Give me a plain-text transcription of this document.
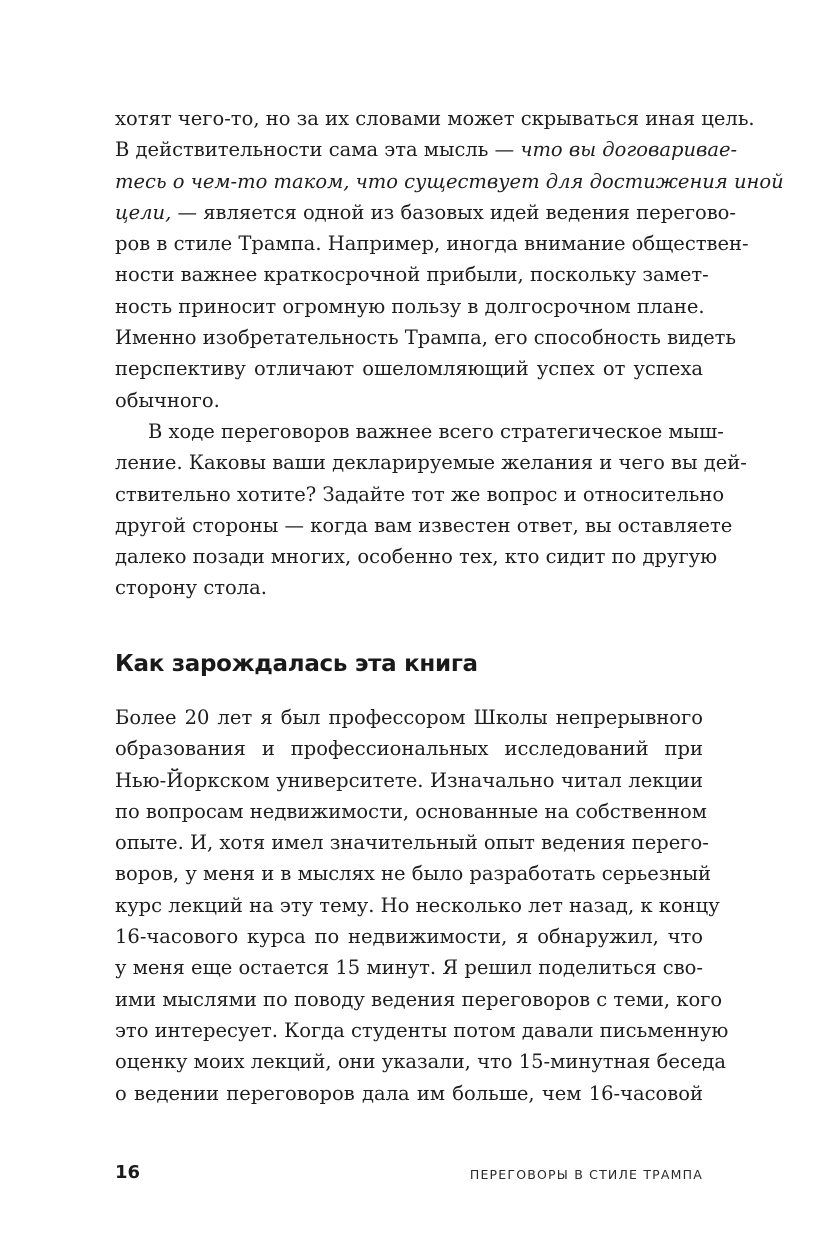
хотят чего-то, но за их словами может скрываться иная цель.
В действительности сама эта мысль — что вы договаривае-
тесь о чем-то таком, что существует для достижения иной
цели, — является одной из базовых идей ведения перегово-
ров в стиле Трампа. Например, иногда внимание обществен-
ности важнее краткосрочной прибыли, поскольку замет-
ность приносит огромную пользу в долгосрочном плане.
Именно изобретательность Трампа, его способность видеть
перспективу отличают ошеломляющий успех от успеха
обычного.

В ходе переговоров важнее всего стратегическое мыш-
ление. Каковы ваши декларируемые желания и чего вы дей-
ствительно хотите? Задайте тот же вопрос и относительно
другой стороны — когда вам известен ответ, вы оставляете
далеко позади многих, особенно тех, кто сидит по другую
сторону стола.

Как зарождалась эта книга

Более 20 лет я был профессором Школы непрерывного
образования и профессиональных исследований при
Нью-Йоркском университете. Изначально читал лекции
по вопросам недвижимости, основанные на собственном
опыте. И, хотя имел значительный опыт ведения перего-
воров, у меня и в мыслях не было разработать серьезный
курс лекций на эту тему. Но несколько лет назад, к концу
16-часового курса по недвижимости, я обнаружил, что
у меня еще остается 15 минут. Я решил поделиться сво-
ими мыслями по поводу ведения переговоров с теми, кого
это интересует. Когда студенты потом давали письменную
оценку моих лекций, они указали, что 15-минутная беседа
о ведении переговоров дала им больше, чем 16-часовой

16	ПЕРЕГОВОРЫ В СТИЛЕ ТРАМПА
